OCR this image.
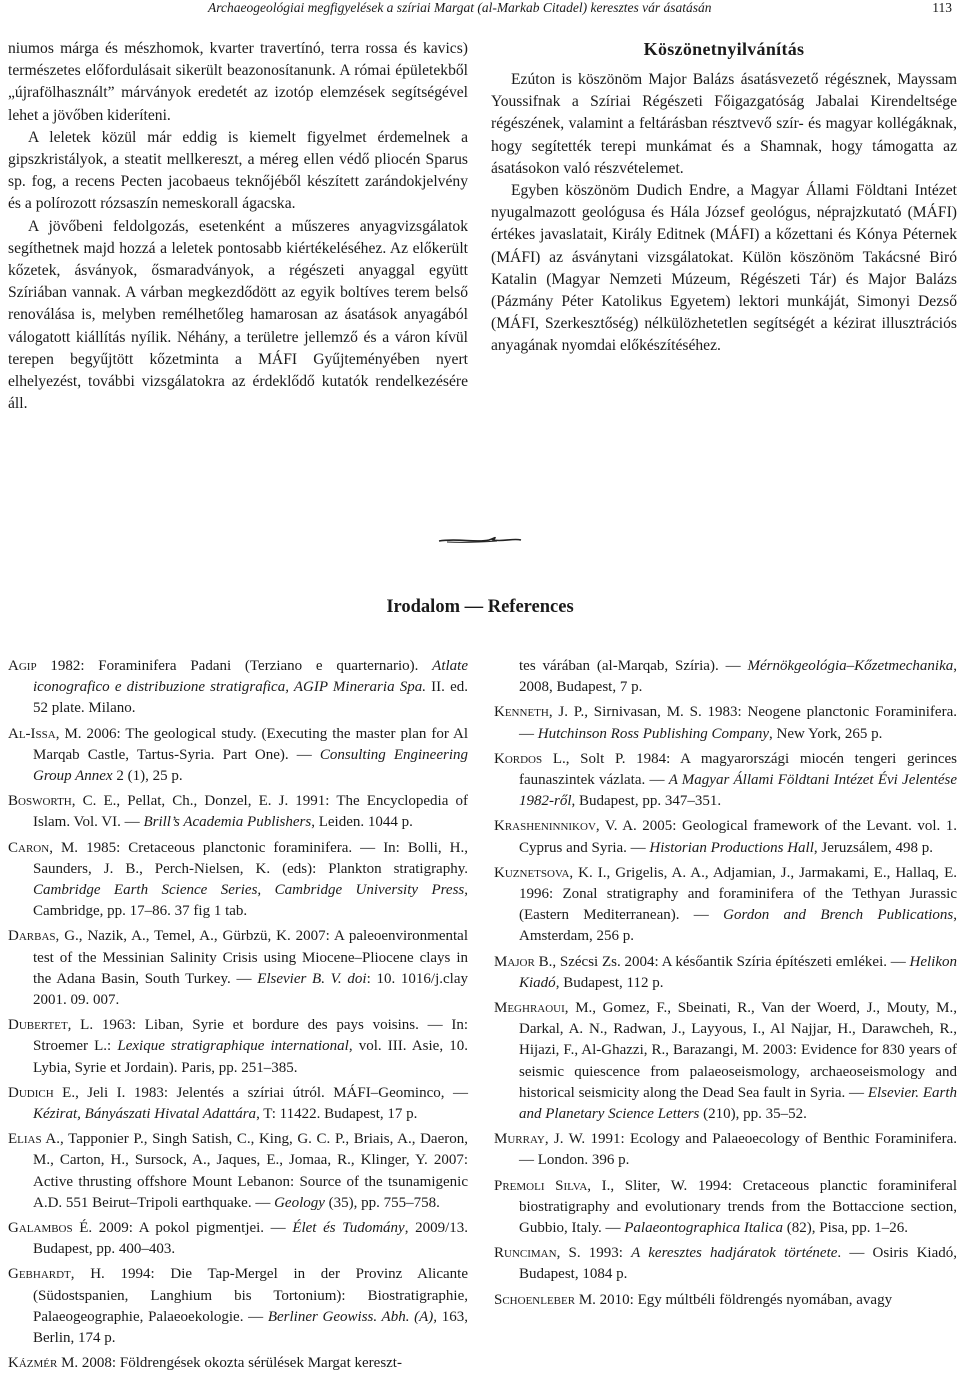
Archaeogeológiai megfigyelések a szíriai Margat (al-Markab Citadel) keresztes vár ásatásán	113

niumos márga és mészhomok, kvarter travertínó, terra rossa és kavics) természetes előfordulásait sikerült beazonosítanunk. A római épületekből „újrafölhasznált” márványok eredetét az izotóp elemzések segítségével lehet a jövőben kideríteni.

A leletek közül már eddig is kiemelt figyelmet érdemelnek a gipszkristályok, a steatit mellkereszt, a méreg ellen védő pliocén Sparus sp. fog, a recens Pecten jacobaeus teknőjéből készített zarándokjelvény és a polírozott rózsaszín nemeskorall ágacska.

A jövőbeni feldolgozás, esetenként a műszeres anyagvizsgálatok segíthetnek majd hozzá a leletek pontosabb kiértékeléséhez. Az előkerült kőzetek, ásványok, ősmaradványok, a régészeti anyaggal együtt Szíriában vannak. A várban megkezdődött az egyik boltíves terem belső renoválása is, melyben remélhetőleg hamarosan az ásatások anyagából válogatott kiállítás nyílik. Néhány, a területre jellemző és a váron kívül terepen begyűjtött kőzetminta a MÁFI Gyűjteményében nyert elhelyezést, további vizsgálatokra az érdeklődő kutatók rendelkezésére áll.

Köszönetnyilvánítás

Ezúton is köszönöm Major Balázs ásatásvezető régésznek, Mayssam Youssifnak a Szíriai Régészeti Főigazgatóság Jabalai Kirendeltsége régészének, valamint a feltárásban résztvevő szír- és magyar kollégáknak, hogy segítették terepi munkámat és a Shamnak, hogy támogatta az ásatásokon való részvételemet.

Egyben köszönöm Dudich Endre, a Magyar Állami Földtani Intézet nyugalmazott geológusa és Hála József geológus, néprajzkutató (MÁFI) értékes javaslatait, Király Editnek (MÁFI) a kőzettani és Kónya Péternek (MÁFI) az ásványtani vizsgálatokat. Külön köszönöm Takácsné Biró Katalin (Magyar Nemzeti Múzeum, Régészeti Tár) és Major Balázs (Pázmány Péter Katolikus Egyetem) lektori munkáját, Simonyi Dezső (MÁFI, Szerkesztőség) nélkülözhetetlen segítségét a kézirat illusztrációs anyagának nyomdai előkészítéséhez.

Irodalom — References

Agip 1982: Foraminifera Padani (Terziano e quarternario). Atlate iconografico e distribuzione stratigrafica, AGIP Mineraria Spa. II. ed. 52 plate. Milano.

Al-Issa, M. 2006: The geological study. (Executing the master plan for Al Marqab Castle, Tartus-Syria. Part One). — Consulting Engineering Group Annex 2 (1), 25 p.

Bosworth, C. E., Pellat, Ch., Donzel, E. J. 1991: The Encyclopedia of Islam. Vol. VI. — Brill’s Academia Publishers, Leiden. 1044 p.

Caron, M. 1985: Cretaceous planctonic foraminifera. — In: Bolli, H., Saunders, J. B., Perch-Nielsen, K. (eds): Plankton stratigraphy. Cambridge Earth Science Series, Cambridge University Press, Cambridge, pp. 17–86. 37 fig 1 tab.

Darbas, G., Nazik, A., Temel, A., Gürbzü, K. 2007: A paleoenvironmental test of the Messinian Salinity Crisis using Miocene–Pliocene clays in the Adana Basin, South Turkey. — Elsevier B. V. doi: 10. 1016/j.clay 2001. 09. 007.

Dubertet, L. 1963: Liban, Syrie et bordure des pays voisins. — In: Stroemer L.: Lexique stratigraphique international, vol. III. Asie, 10. Lybia, Syrie et Jordain). Paris, pp. 251–385.

Dudich E., Jeli I. 1983: Jelentés a szíriai útról. MÁFI–Geominco, — Kézirat, Bányászati Hivatal Adattára, T: 11422. Budapest, 17 p.

Elias A., Tapponier P., Singh Satish, C., King, G. C. P., Briais, A., Daeron, M., Carton, H., Sursock, A., Jaques, E., Jomaa, R., Klinger, Y. 2007: Active thrusting offshore Mount Lebanon: Source of the tsunamigenic A.D. 551 Beirut–Tripoli earthquake. — Geology (35), pp. 755–758.

Galambos É. 2009: A pokol pigmentjei. — Élet és Tudomány, 2009/13. Budapest, pp. 400–403.

Gebhardt, H. 1994: Die Tap-Mergel in der Provinz Alicante (Südostspanien, Langhium bis Tortonium): Biostratigraphie, Palaeogeographie, Palaeoekologie. — Berliner Geowiss. Abh. (A), 163, Berlin, 174 p.

Kázmér M. 2008: Földrengések okozta sérülések Margat kereszt-

tes várában (al-Marqab, Szíria). — Mérnökgeológia–Kőzetmechanika, 2008, Budapest, 7 p.

Kenneth, J. P., Sirnivasan, M. S. 1983: Neogene planctonic Foraminifera. — Hutchinson Ross Publishing Company, New York, 265 p.

Kordos L., Solt P. 1984: A magyarországi miocén tengeri gerinces faunaszintek vázlata. — A Magyar Állami Földtani Intézet Évi Jelentése 1982-ről, Budapest, pp. 347–351.

Krasheninnikov, V. A. 2005: Geological framework of the Levant. vol. 1. Cyprus and Syria. — Historian Productions Hall, Jeruzsálem, 498 p.

Kuznetsova, K. I., Grigelis, A. A., Adjamian, J., Jarmakami, E., Hallaq, E. 1996: Zonal stratigraphy and foraminifera of the Tethyan Jurassic (Eastern Mediterranean). — Gordon and Brench Publications, Amsterdam, 256 p.

Major B., Szécsi Zs. 2004: A későantik Szíria építészeti emlékei. — Helikon Kiadó, Budapest, 112 p.

Meghraoui, M., Gomez, F., Sbeinati, R., Van der Woerd, J., Mouty, M., Darkal, A. N., Radwan, J., Layyous, I., Al Najjar, H., Darawcheh, R., Hijazi, F., Al-Ghazzi, R., Barazangi, M. 2003: Evidence for 830 years of seismic quiescence from palaeoseismology, archaeoseismology and historical seismicity along the Dead Sea fault in Syria. — Elsevier. Earth and Planetary Science Letters (210), pp. 35–52.

Murray, J. W. 1991: Ecology and Palaeoecology of Benthic Foraminifera. — London. 396 p.

Premoli Silva, I., Sliter, W. 1994: Cretaceous planctic foraminiferal biostratigraphy and evolutionary trends from the Bottaccione section, Gubbio, Italy. — Palaeontographica Italica (82), Pisa, pp. 1–26.

Runciman, S. 1993: A keresztes hadjáratok története. — Osiris Kiadó, Budapest, 1084 p.

Schoenleber M. 2010: Egy múltbéli földrengés nyomában, avagy
